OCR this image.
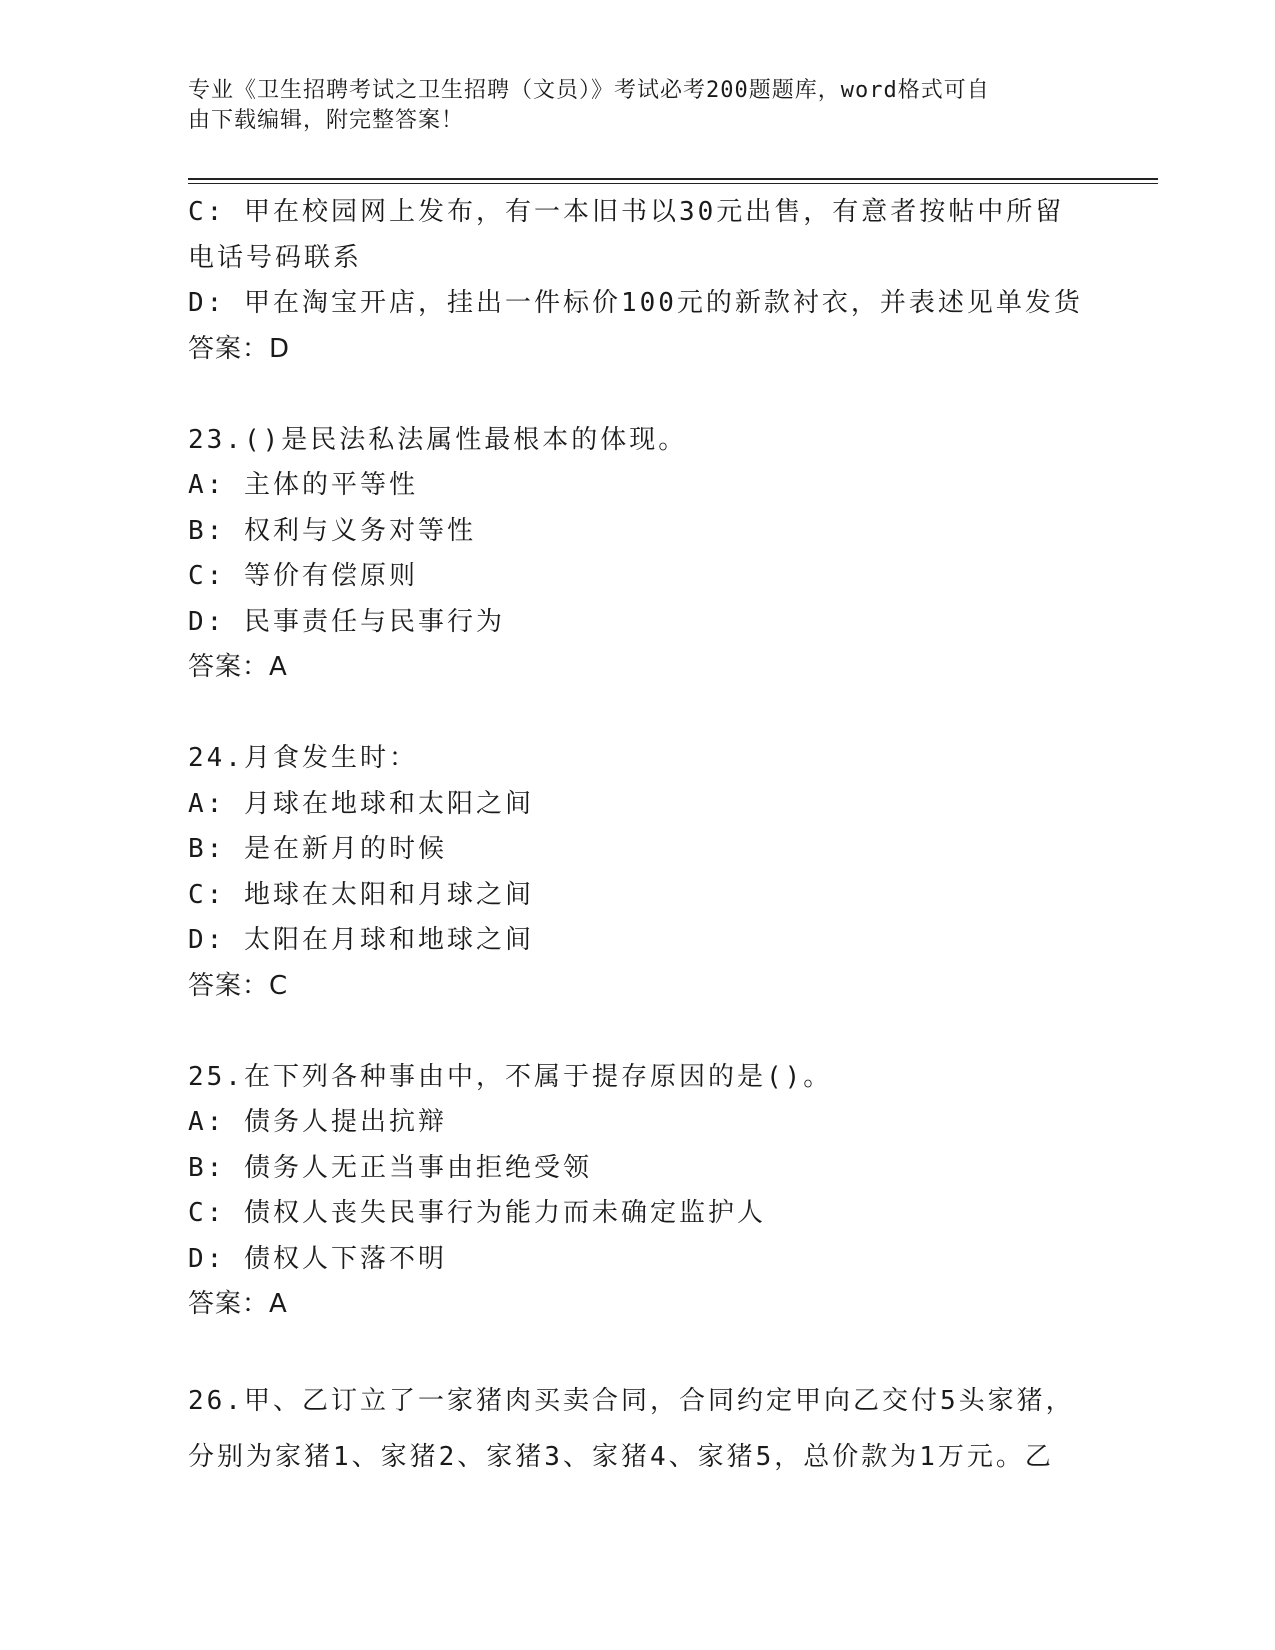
专业《卫生招聘考试之卫生招聘（文员）》考试必考200题题库，word格式可自
由下载编辑，附完整答案！
C: 甲在校园网上发布，有一本旧书以30元出售，有意者按帖中所留
电话号码联系
D: 甲在淘宝开店，挂出一件标价100元的新款衬衣，并表述见单发货
答案：D
23.()是民法私法属性最根本的体现。
A: 主体的平等性
B: 权利与义务对等性
C: 等价有偿原则
D: 民事责任与民事行为
答案：A
24.月食发生时：
A: 月球在地球和太阳之间
B: 是在新月的时候
C: 地球在太阳和月球之间
D: 太阳在月球和地球之间
答案：C
25.在下列各种事由中，不属于提存原因的是()。
A: 债务人提出抗辩
B: 债务人无正当事由拒绝受领
C: 债权人丧失民事行为能力而未确定监护人
D: 债权人下落不明
答案：A
26.甲、乙订立了一家猪肉买卖合同，合同约定甲向乙交付5头家猪，
分别为家猪1、家猪2、家猪3、家猪4、家猪5，总价款为1万元。乙
